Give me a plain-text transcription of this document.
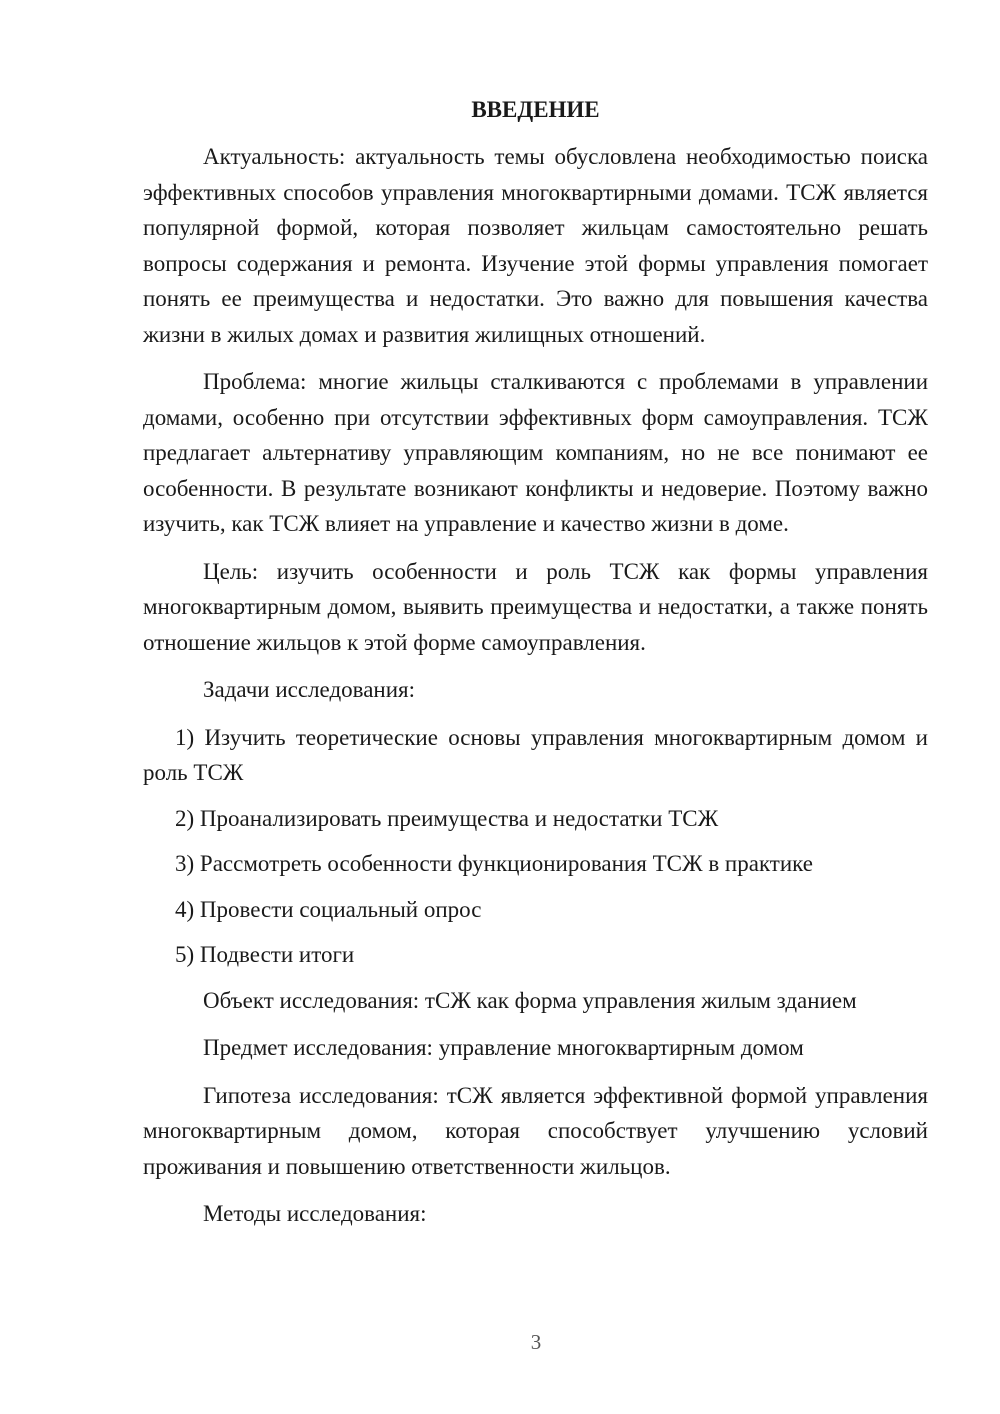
ВВЕДЕНИЕ

Актуальность: актуальность темы обусловлена необходимостью поиска эффективных способов управления многоквартирными домами. ТСЖ является популярной формой, которая позволяет жильцам самостоятельно решать вопросы содержания и ремонта. Изучение этой формы управления помогает понять ее преимущества и недостатки. Это важно для повышения качества жизни в жилых домах и развития жилищных отношений.

Проблема: многие жильцы сталкиваются с проблемами в управлении домами, особенно при отсутствии эффективных форм самоуправления. ТСЖ предлагает альтернативу управляющим компаниям, но не все понимают ее особенности. В результате возникают конфликты и недоверие. Поэтому важно изучить, как ТСЖ влияет на управление и качество жизни в доме.

Цель: изучить особенности и роль ТСЖ как формы управления многоквартирным домом, выявить преимущества и недостатки, а также понять отношение жильцов к этой форме самоуправления.

Задачи исследования:

1) Изучить теоретические основы управления многоквартирным домом и роль ТСЖ

2) Проанализировать преимущества и недостатки ТСЖ

3) Рассмотреть особенности функционирования ТСЖ в практике

4) Провести социальный опрос

5) Подвести итоги

Объект исследования: тСЖ как форма управления жилым зданием

Предмет исследования: управление многоквартирным домом

Гипотеза исследования: тСЖ является эффективной формой управления многоквартирным домом, которая способствует улучшению условий проживания и повышению ответственности жильцов.

Методы исследования:

3
